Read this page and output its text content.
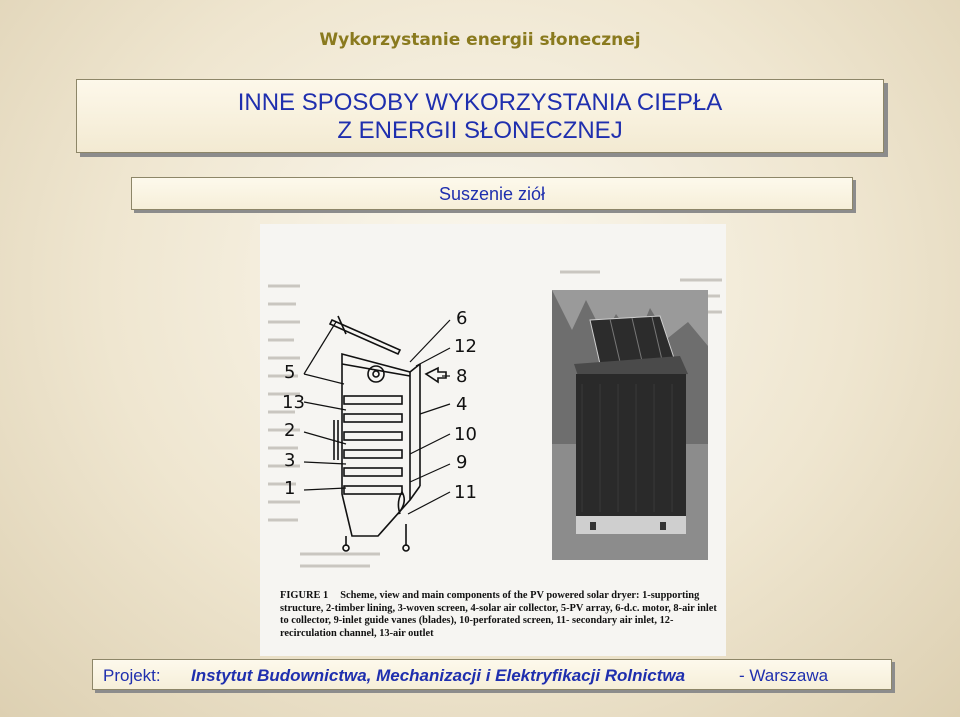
Wykorzystanie energii słonecznej
INNE SPOSOBY WYKORZYSTANIA CIEPŁA
Z ENERGII SŁONECZNEJ
Suszenie ziół
6
12
8
4
10
9
11
5
13
2
3
1
FIGURE 1 Scheme, view and main components of the PV powered solar dryer: 1-supporting structure, 2-timber lining, 3-woven screen, 4-solar air collector, 5-PV array, 6-d.c. motor, 8-air inlet to collector, 9-inlet guide vanes (blades), 10-perforated screen, 11- secondary air inlet, 12-recirculation channel, 13-air outlet
Projekt: Instytut Budownictwa, Mechanizacji i Elektryfikacji Rolnictwa	- Warszawa
